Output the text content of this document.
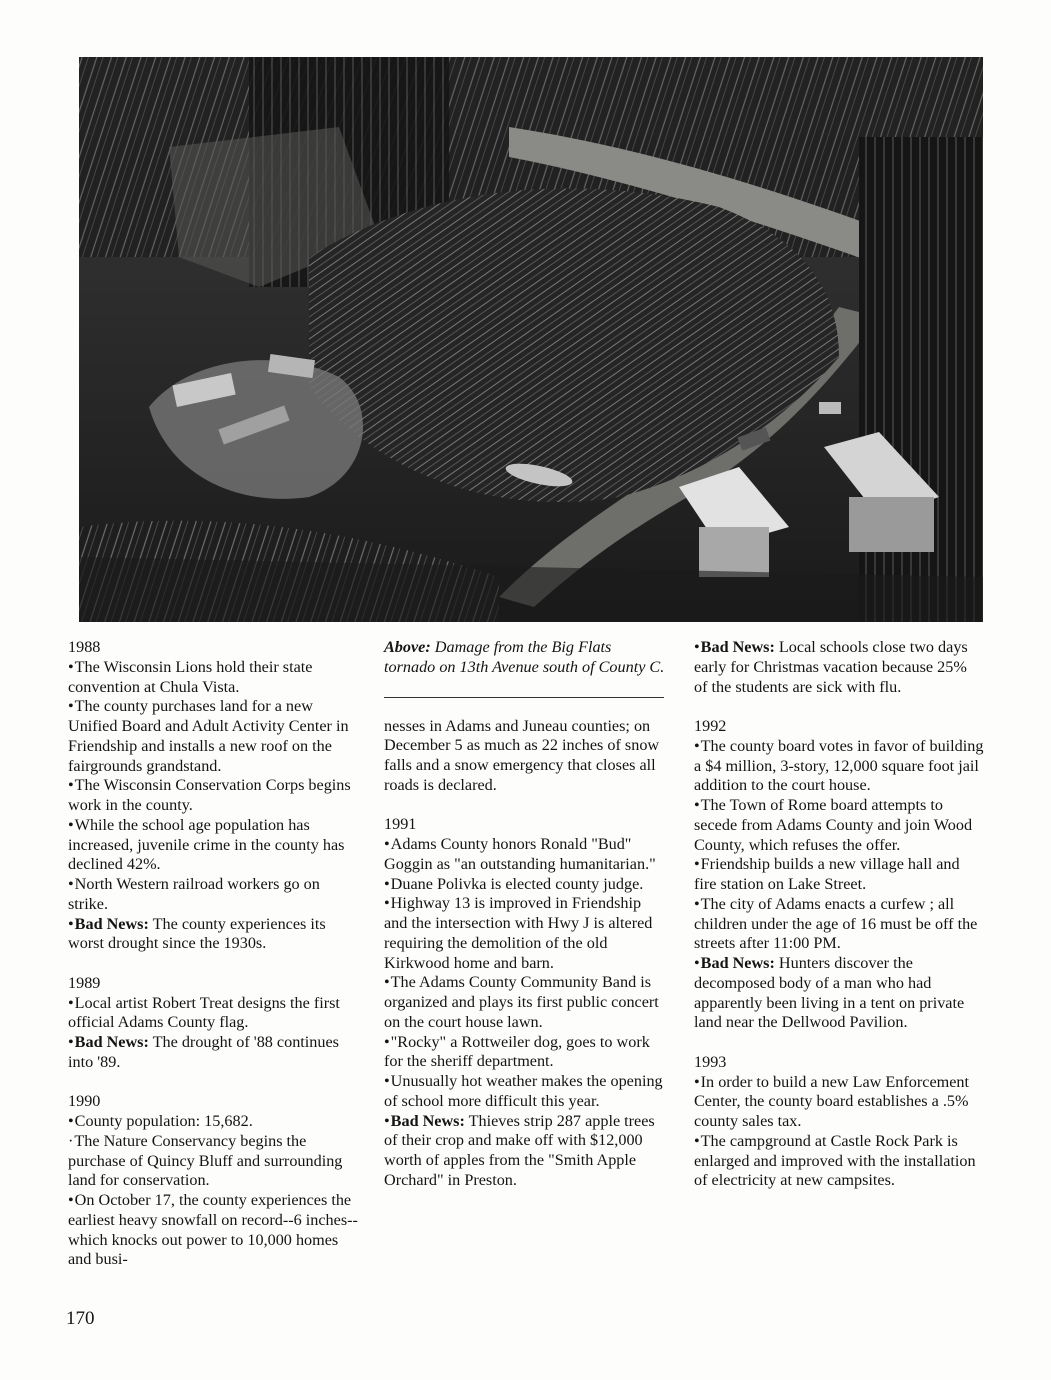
1988

•The Wisconsin Lions hold their state convention at Chula Vista.

•The county purchases land for a new Unified Board and Adult Activity Center in Friendship and installs a new roof on the fairgrounds grandstand.

•The Wisconsin Conservation Corps begins work in the county.

•While the school age population has increased, juvenile crime in the county has declined 42%.

•North Western railroad workers go on strike.

•Bad News: The county experiences its worst drought since the 1930s.

1989

•Local artist Robert Treat designs the first official Adams County flag.

•Bad News: The drought of '88 continues into '89.

1990

•County population: 15,682.

·The Nature Conservancy begins the purchase of Quincy Bluff and surrounding land for conservation.

•On October 17, the county experiences the earliest heavy snowfall on record--6 inches--which knocks out power to 10,000 homes and busi-

Above: Damage from the Big Flats tornado on 13th Avenue south of County C.

nesses in Adams and Juneau counties; on December 5 as much as 22 inches of snow falls and a snow emergency that closes all roads is declared.

1991

•Adams County honors Ronald "Bud" Goggin as "an outstanding humanitarian."

•Duane Polivka is elected county judge.

•Highway 13 is improved in Friendship and the intersection with Hwy J is altered requiring the demolition of the old Kirkwood home and barn.

•The Adams County Community Band is organized and plays its first public concert on the court house lawn.

•"Rocky" a Rottweiler dog, goes to work for the sheriff department.

•Unusually hot weather makes the opening of school more difficult this year.

•Bad News: Thieves strip 287 apple trees of their crop and make off with $12,000 worth of apples from the "Smith Apple Orchard" in Preston.

•Bad News: Local schools close two days early for Christmas vacation because 25% of the students are sick with flu.

1992

•The county board votes in favor of building a $4 million, 3-story, 12,000 square foot jail addition to the court house.

•The Town of Rome board attempts to secede from Adams County and join Wood County, which refuses the offer.

•Friendship builds a new village hall and fire station on Lake Street.

•The city of Adams enacts a curfew ; all children under the age of 16 must be off the streets after 11:00 PM.

•Bad News: Hunters discover the decomposed body of a man who had apparently been living in a tent on private land near the Dellwood Pavilion.

1993

•In order to build a new Law Enforcement Center, the county board establishes a .5% county sales tax.

•The campground at Castle Rock Park is enlarged and improved with the installation of electricity at new campsites.

170
